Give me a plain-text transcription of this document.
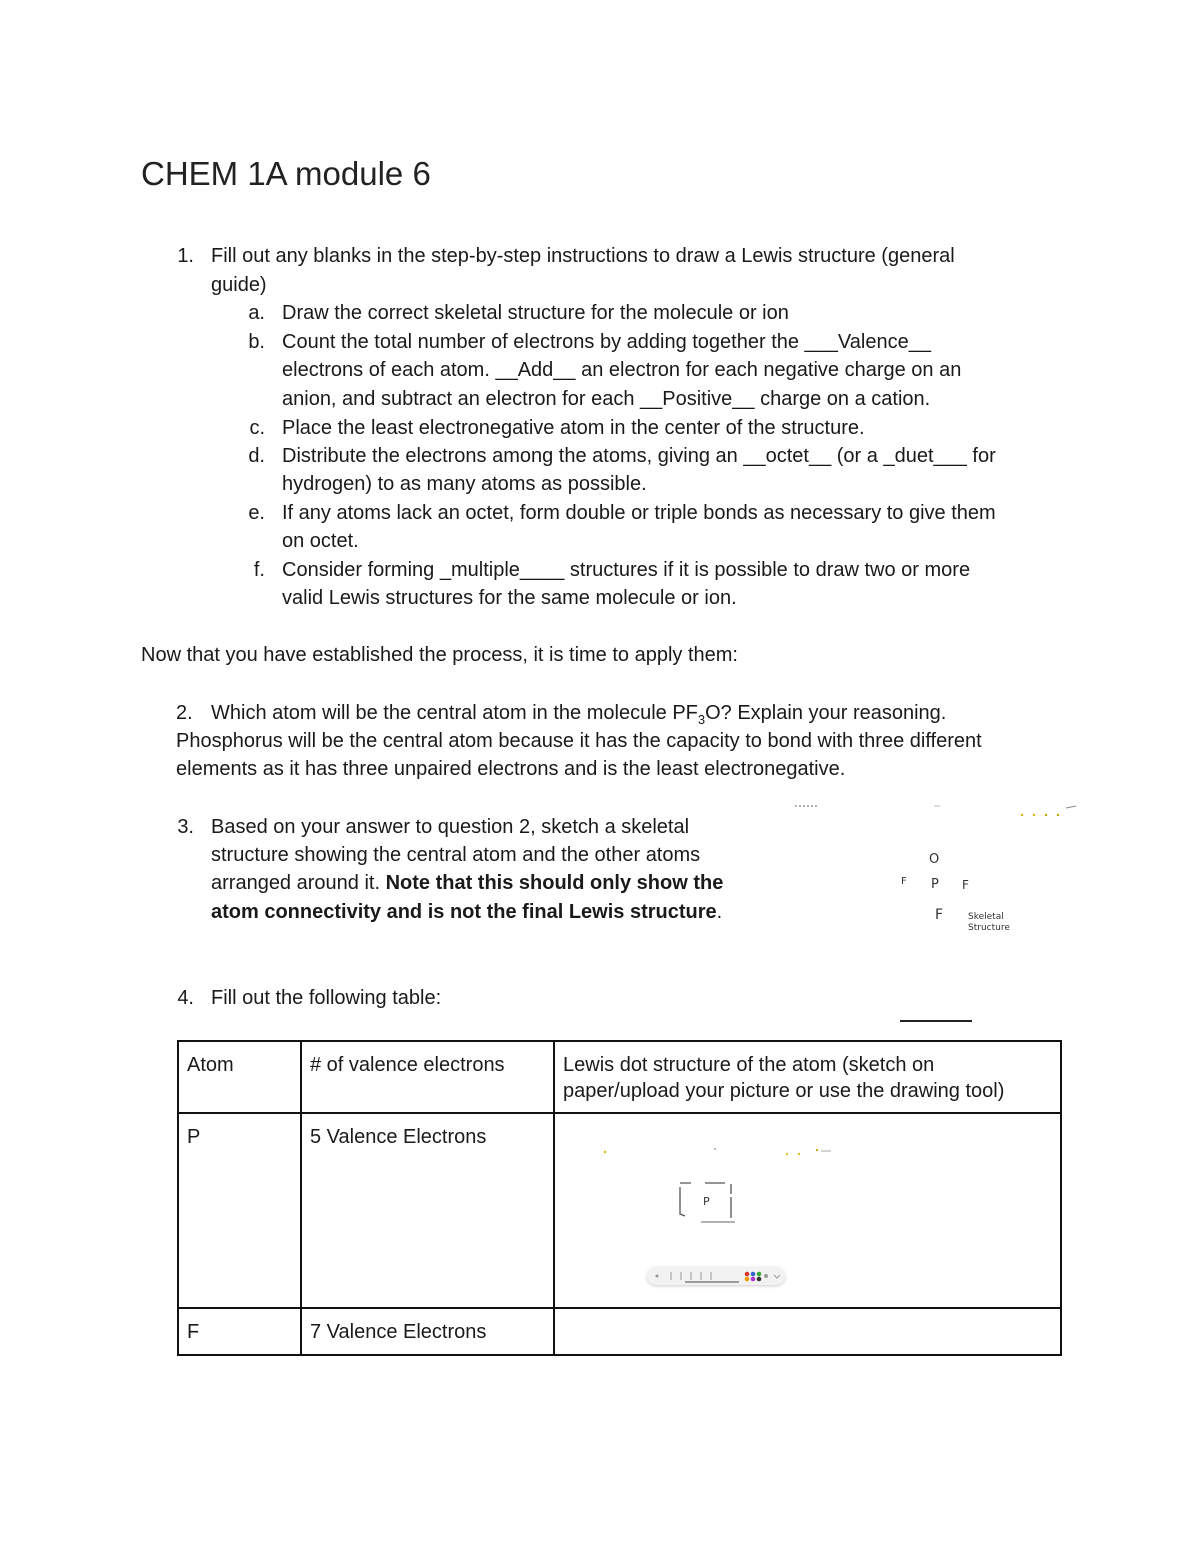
CHEM 1A module 6
1. Fill out any blanks in the step-by-step instructions to draw a Lewis structure (general
guide)
a. Draw the correct skeletal structure for the molecule or ion
b. Count the total number of electrons by adding together the ___Valence__
electrons of each atom. __Add__ an electron for each negative charge on an
anion, and subtract an electron for each __Positive__ charge on a cation.
c. Place the least electronegative atom in the center of the structure.
d. Distribute the electrons among the atoms, giving an __octet__ (or a _duet___ for
hydrogen) to as many atoms as possible.
e. If any atoms lack an octet, form double or triple bonds as necessary to give them
on octet.
f. Consider forming _multiple____ structures if it is possible to draw two or more
valid Lewis structures for the same molecule or ion.
Now that you have established the process, it is time to apply them:
2. Which atom will be the central atom in the molecule $PF_3O$? Explain your reasoning.
Phosphorus will be the central atom because it has the capacity to bond with three different
elements as it has three unpaired electrons and is the least electronegative.
3. Based on your answer to question 2, sketch a skeletal
structure showing the central atom and the other atoms
arranged around it. Note that this should only show the
atom connectivity and is not the final Lewis structure.
O
F P F
F	Skeletal
Structure
4. Fill out the following table:
Atom	# of valence electrons	Lewis dot structure of the atom (sketch on
paper/upload your picture or use the drawing tool)
P	5 Valence Electrons	P

F	7 Valence Electrons	
